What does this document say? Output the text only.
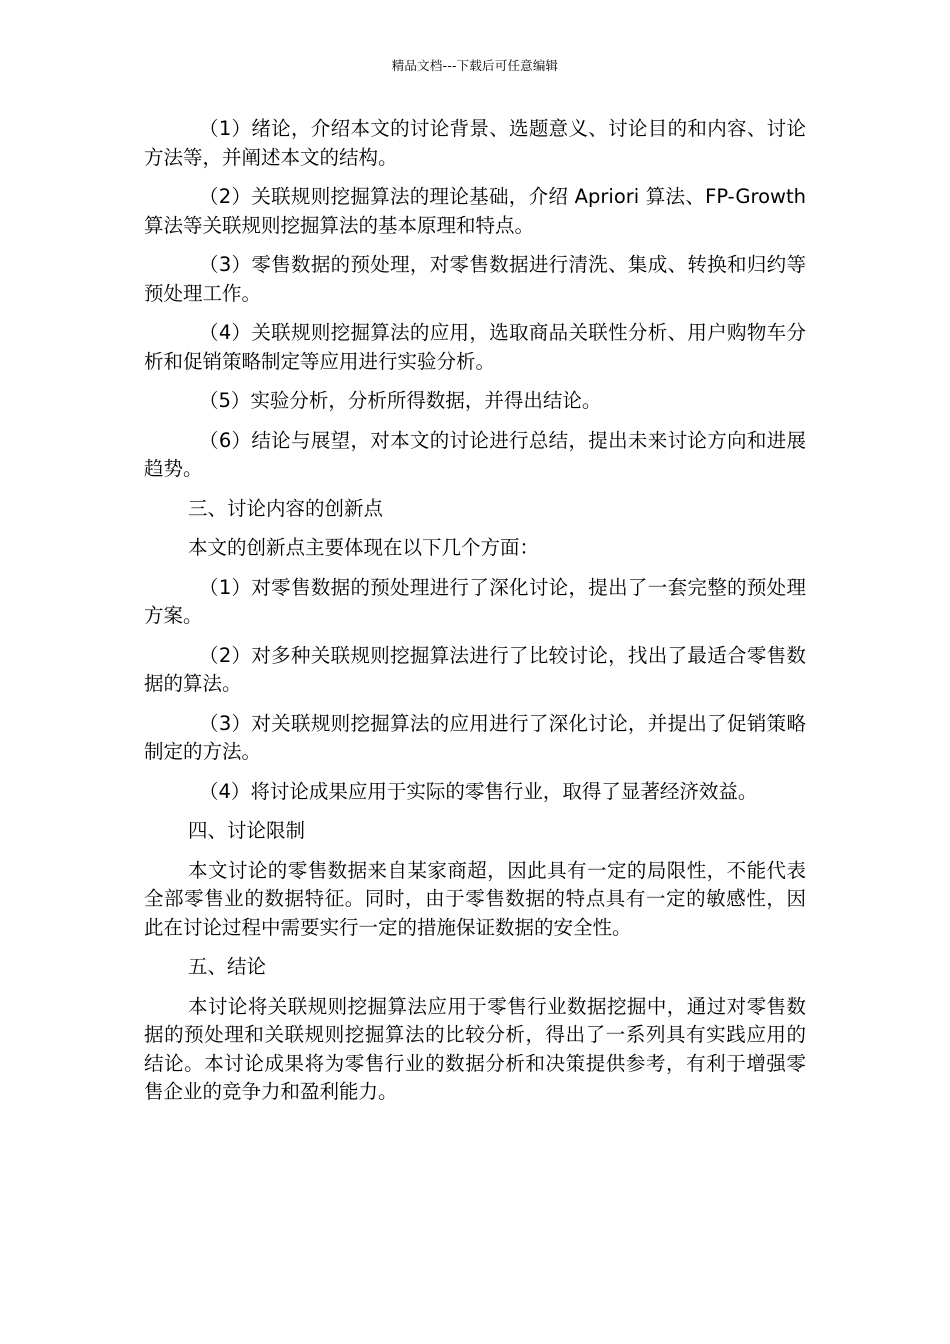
精品文档---下载后可任意编辑

（1）绪论，介绍本文的讨论背景、选题意义、讨论目的和内容、讨论方法等，并阐述本文的结构。

（2）关联规则挖掘算法的理论基础，介绍 Apriori 算法、FP-Growth 算法等关联规则挖掘算法的基本原理和特点。

（3）零售数据的预处理，对零售数据进行清洗、集成、转换和归约等预处理工作。

（4）关联规则挖掘算法的应用，选取商品关联性分析、用户购物车分析和促销策略制定等应用进行实验分析。

（5）实验分析，分析所得数据，并得出结论。

（6）结论与展望，对本文的讨论进行总结，提出未来讨论方向和进展趋势。

三、讨论内容的创新点

本文的创新点主要体现在以下几个方面：

（1）对零售数据的预处理进行了深化讨论，提出了一套完整的预处理方案。

（2）对多种关联规则挖掘算法进行了比较讨论，找出了最适合零售数据的算法。

（3）对关联规则挖掘算法的应用进行了深化讨论，并提出了促销策略制定的方法。

（4）将讨论成果应用于实际的零售行业，取得了显著经济效益。

四、讨论限制

本文讨论的零售数据来自某家商超，因此具有一定的局限性，不能代表全部零售业的数据特征。同时，由于零售数据的特点具有一定的敏感性，因此在讨论过程中需要实行一定的措施保证数据的安全性。

五、结论

本讨论将关联规则挖掘算法应用于零售行业数据挖掘中，通过对零售数据的预处理和关联规则挖掘算法的比较分析，得出了一系列具有实践应用的结论。本讨论成果将为零售行业的数据分析和决策提供参考，有利于增强零售企业的竞争力和盈利能力。
